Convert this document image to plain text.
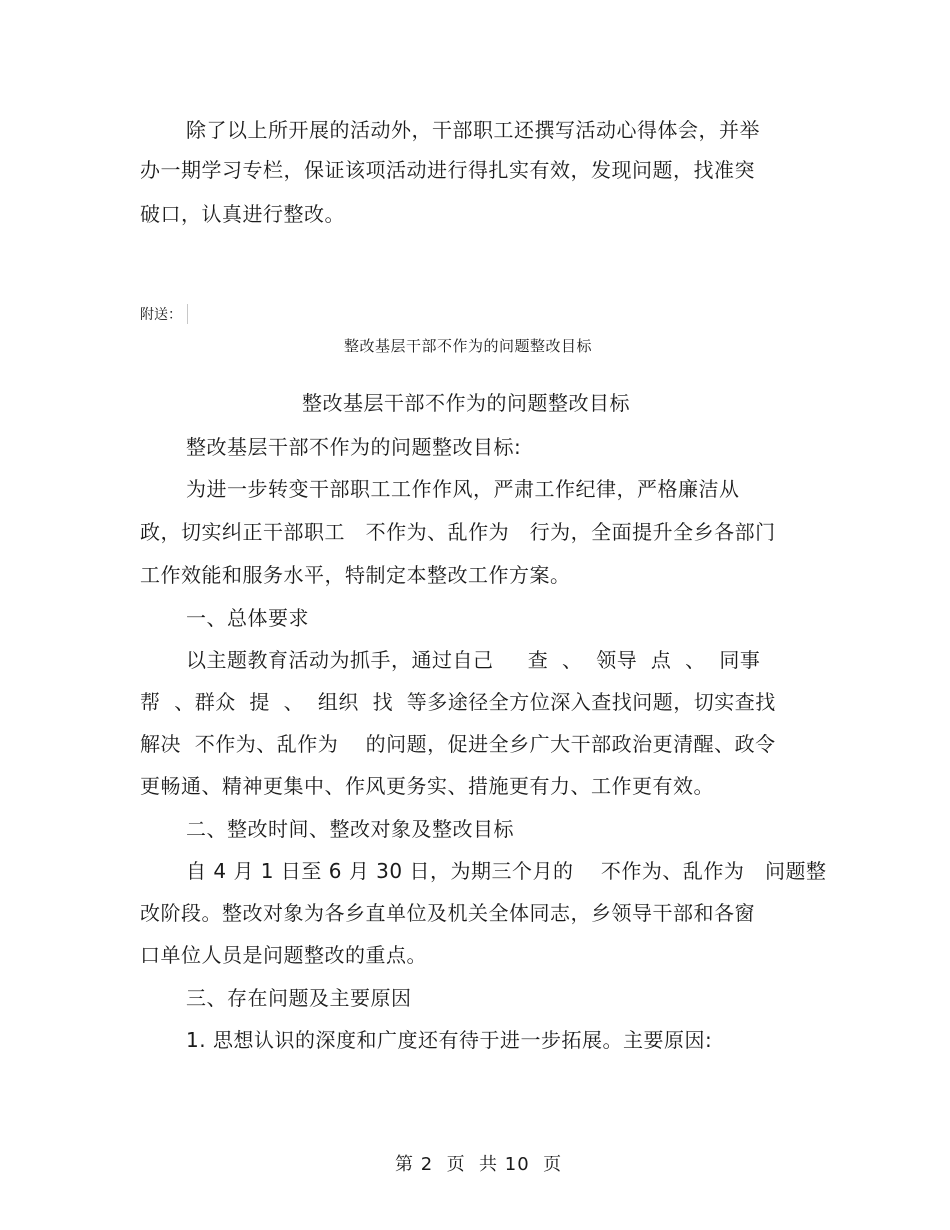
除了以上所开展的活动外，干部职工还撰写活动心得体会，并举
办一期学习专栏，保证该项活动进行得扎实有效，发现问题，找准突
破口，认真进行整改。
附送：
整改基层干部不作为的问题整改目标
整改基层干部不作为的问题整改目标
整改基层干部不作为的问题整改目标:
为进一步转变干部职工工作作风，严肃工作纪律，严格廉洁从
政，切实纠正干部职工   不作为、乱作为   行为，全面提升全乡各部门
工作效能和服务水平，特制定本整改工作方案。
一、总体要求
以主题教育活动为抓手，通过自己     查  、  领导  点  、  同事
帮  、群众  提  、  组织  找  等多途径全方位深入查找问题，切实查找
解决  不作为、乱作为    的问题，促进全乡广大干部政治更清醒、政令
更畅通、精神更集中、作风更务实、措施更有力、工作更有效。
二、整改时间、整改对象及整改目标
自 4 月 1 日至 6 月 30 日，为期三个月的    不作为、乱作为   问题整
改阶段。整改对象为各乡直单位及机关全体同志，乡领导干部和各窗
口单位人员是问题整改的重点。
三、存在问题及主要原因
1. 思想认识的深度和广度还有待于进一步拓展。主要原因:
第 2  页  共 10  页
